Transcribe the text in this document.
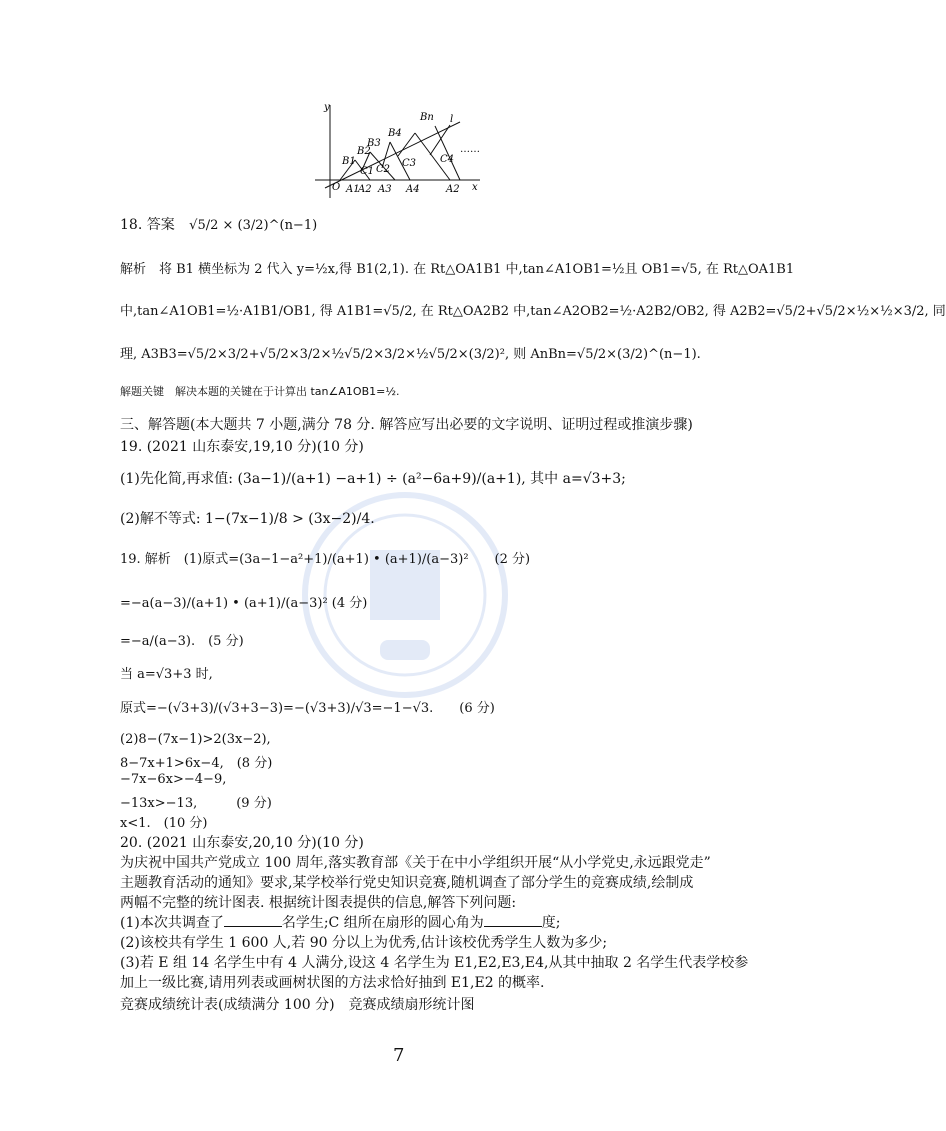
y
x
O
l
……
B1
B2
B3
B4
Bn
C1 C2
C3 C4
A1
A2 A3 A4	A2
18. 答案 √5/2 × (3/2)^(n−1)
解析　将 B1 横坐标为 2 代入 y=½x,得 B1(2,1). 在 Rt△OA1B1 中,tan∠A1OB1=½且 OB1=√5, 在 Rt△OA1B1
中,tan∠A1OB1=½·A1B1/OB1, 得 A1B1=√5/2, 在 Rt△OA2B2 中,tan∠A2OB2=½·A2B2/OB2, 得 A2B2=√5/2+√5/2×½×½×3/2, 同
理, A3B3=√5/2×3/2+√5/2×3/2×½√5/2×3/2×½√5/2×(3/2)², 则 AnBn=√5/2×(3/2)^(n−1).
解题关键　解决本题的关键在于计算出 tan∠A1OB1=½.
三、解答题(本大题共 7 小题,满分 78 分. 解答应写出必要的文字说明、证明过程或推演步骤)
19. (2021 山东泰安,19,10 分)(10 分)
(1)先化简,再求值: (3a−1)/(a+1) −a+1) ÷ (a²−6a+9)/(a+1), 其中 a=√3+3;
(2)解不等式: 1−(7x−1)/8 > (3x−2)/4.
19. 解析　(1)原式=(3a−1−a²+1)/(a+1) • (a+1)/(a−3)²　　(2 分)
=−a(a−3)/(a+1) • (a+1)/(a−3)² (4 分)
=−a/(a−3).　(5 分)
当 a=√3+3 时,
原式=−(√3+3)/(√3+3−3)=−(√3+3)/√3=−1−√3.　　(6 分)
(2)8−(7x−1)>2(3x−2),
8−7x+1>6x−4,　(8 分)
−7x−6x>−4−9,
−13x>−13,　　　(9 分)
x<1.　(10 分)
20. (2021 山东泰安,20,10 分)(10 分)
为庆祝中国共产党成立 100 周年,落实教育部《关于在中小学组织开展“从小学党史,永远跟党走”
主题教育活动的通知》要求,某学校举行党史知识竞赛,随机调查了部分学生的竞赛成绩,绘制成
两幅不完整的统计图表. 根据统计图表提供的信息,解答下列问题:
(1)本次共调查了	名学生;C 组所在扇形的圆心角为	度;
(2)该校共有学生 1 600 人,若 90 分以上为优秀,估计该校优秀学生人数为多少;
(3)若 E 组 14 名学生中有 4 人满分,设这 4 名学生为 E1,E2,E3,E4,从其中抽取 2 名学生代表学校参
加上一级比赛,请用列表或画树状图的方法求恰好抽到 E1,E2 的概率.
竞赛成绩统计表(成绩满分 100 分)　竞赛成绩扇形统计图
7
